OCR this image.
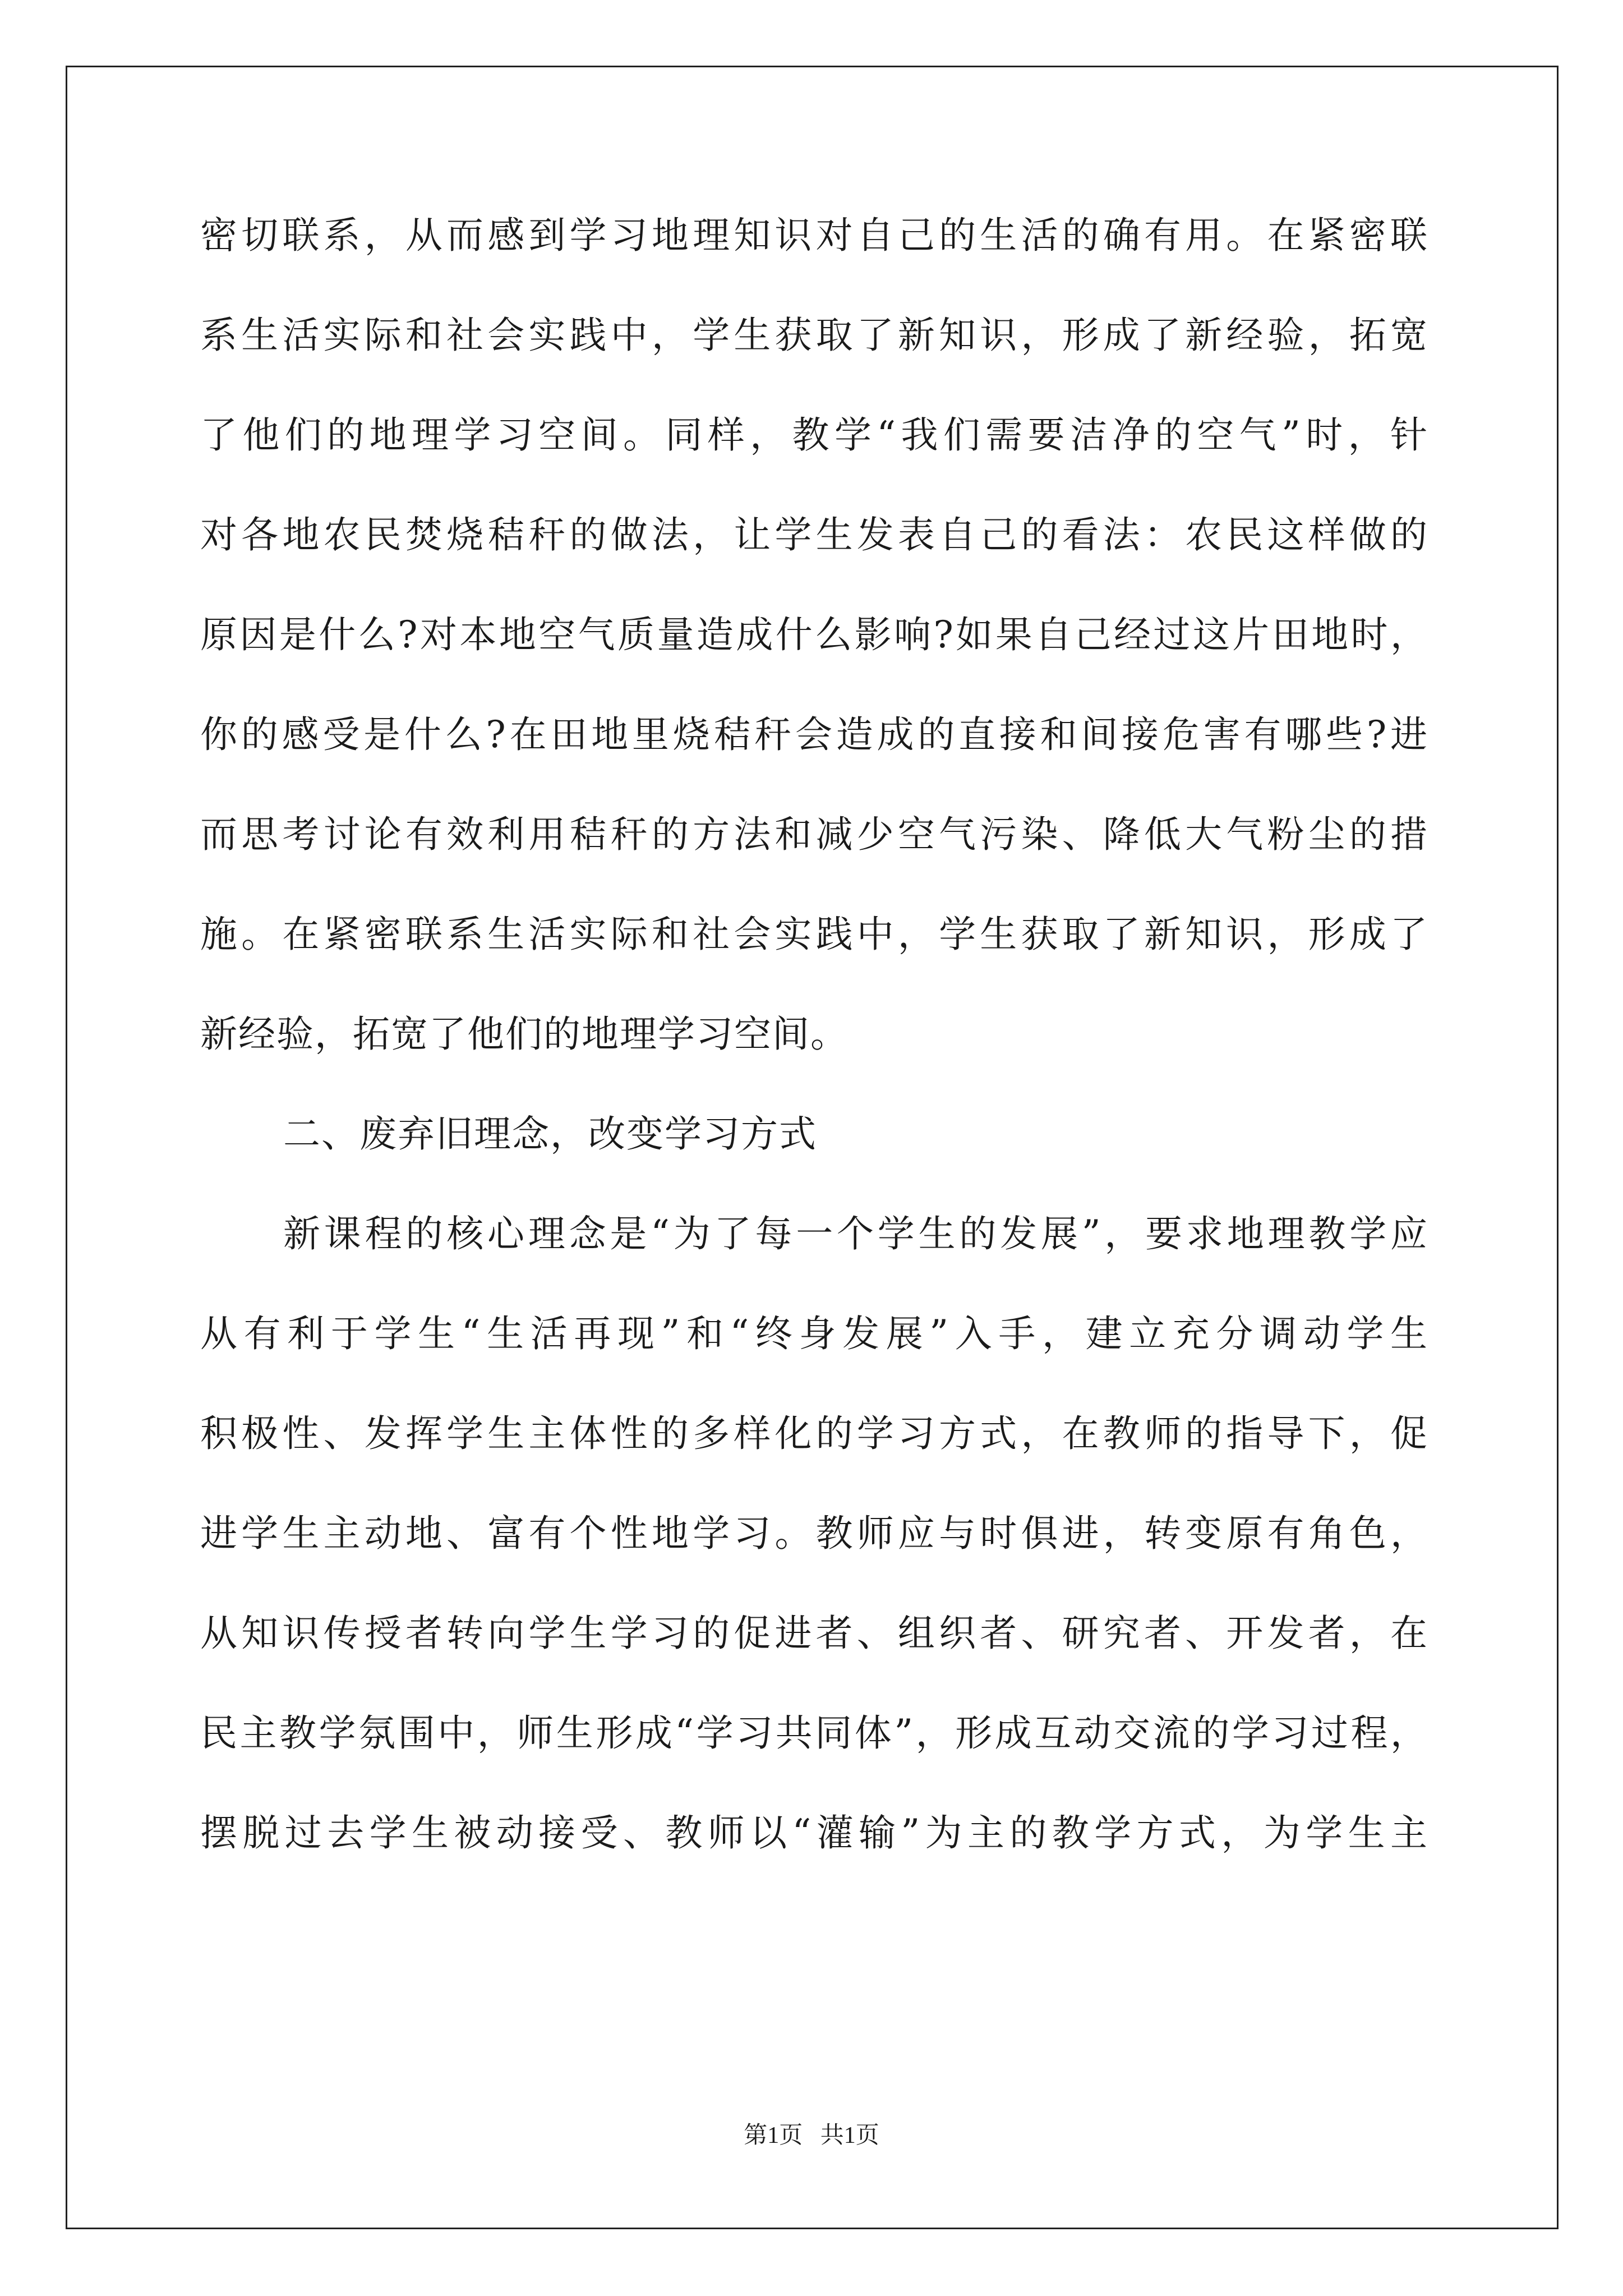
密切联系，从而感到学习地理知识对自己的生活的确有用。在紧密联
系生活实际和社会实践中，学生获取了新知识，形成了新经验，拓宽
了他们的地理学习空间。同样，教学“我们需要洁净的空气”时，针
对各地农民焚烧秸秆的做法，让学生发表自己的看法：农民这样做的
原因是什么?对本地空气质量造成什么影响?如果自己经过这片田地时，
你的感受是什么?在田地里烧秸秆会造成的直接和间接危害有哪些?进
而思考讨论有效利用秸秆的方法和减少空气污染、降低大气粉尘的措
施。在紧密联系生活实际和社会实践中，学生获取了新知识，形成了
新经验，拓宽了他们的地理学习空间。
二、废弃旧理念，改变学习方式
新课程的核心理念是“为了每一个学生的发展”，要求地理教学应
从有利于学生“生活再现”和“终身发展”入手，建立充分调动学生
积极性、发挥学生主体性的多样化的学习方式，在教师的指导下，促
进学生主动地、富有个性地学习。教师应与时俱进，转变原有角色，
从知识传授者转向学生学习的促进者、组织者、研究者、开发者，在
民主教学氛围中，师生形成“学习共同体”，形成互动交流的学习过程，
摆脱过去学生被动接受、教师以“灌输”为主的教学方式，为学生主
第1页 共1页
